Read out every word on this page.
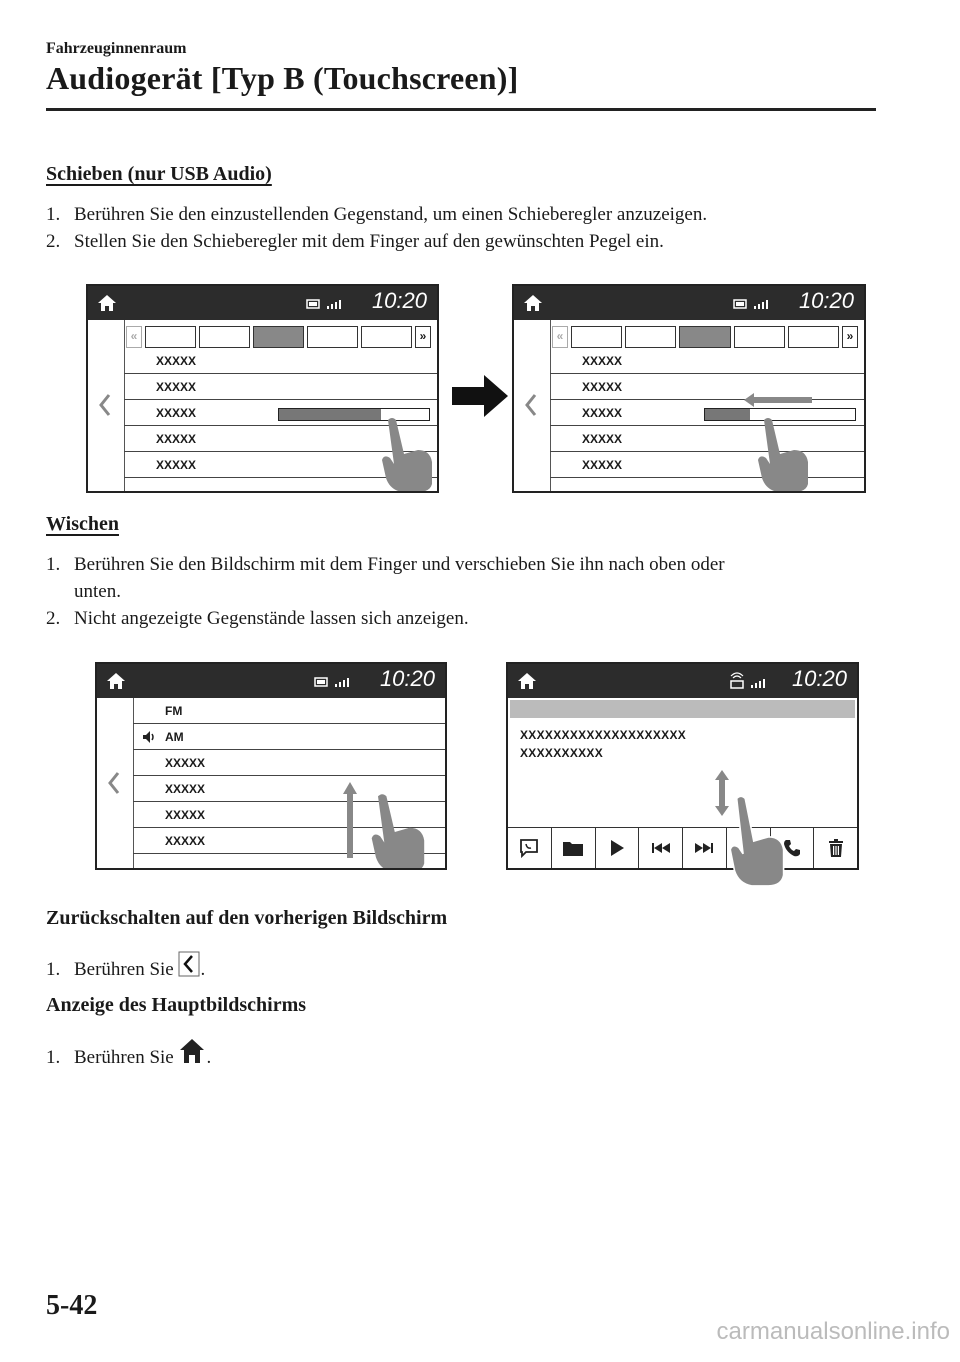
Fahrzeuginnenraum
Audiogerät [Typ B (Touchscreen)]
Schieben (nur USB Audio)
1. Berühren Sie den einzustellenden Gegenstand, um einen Schieberegler anzuzeigen.
2. Stellen Sie den Schieberegler mit dem Finger auf den gewünschten Pegel ein.
10:20
«	»
XXXXX
XXXXX
XXXXX
XXXXX
XXXXX
10:20
«	»
XXXXX
XXXXX
XXXXX
XXXXX
XXXXX
Wischen
1. Berühren Sie den Bildschirm mit dem Finger und verschieben Sie ihn nach oben oder
unten.
2. Nicht angezeigte Gegenstände lassen sich anzeigen.
10:20
FM
AM
XXXXX
XXXXX
XXXXX
XXXXX
10:20
XXXXXXXXXXXXXXXXXXXX
XXXXXXXXXX
Zurückschalten auf den vorherigen Bildschirm
1. Berühren Sie .
Anzeige des Hauptbildschirms
1. Berühren Sie .
5-42
carmanualsonline.info
